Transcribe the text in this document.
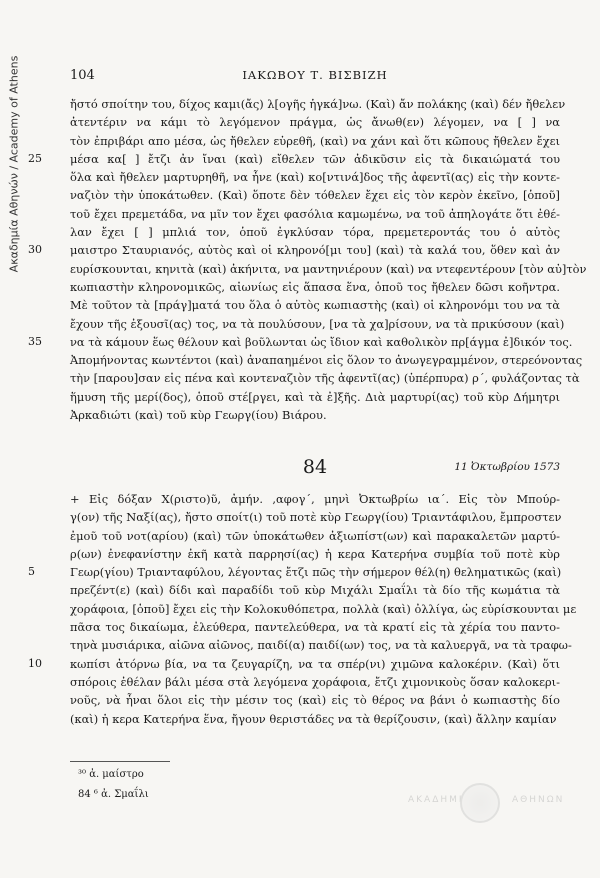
Ακαδημία Αθηνών / Academy of Athens	104	ΙΑΚΩΒΟΥ Τ. ΒΙΣΒΙΖΗ
ἤστό σποίτην του, δίχος καμι(ἄς) λ[ογῆς ἡγκά]νω. (Καὶ) ἄν πολάκης (καὶ) δέν ἤθελεν
ἀτεντέριν να κάμι τὸ λεγόμενον πράγμα, ὡς ἄνωθ(εν) λέγομεν, να [ ] να
τὸν ἐπριβάρι απο μέσα, ὡς ἤθελεν εὑρεθῆ, (καὶ) να χάνι καὶ ὅτι κῶπους ἤθελεν ἔχει
25	μέσα κα[ ] ἔτζι ἀν ἴναι (καὶ) εἴθελεν τῶν ἀδικῦσιν εἰς τὰ δικαιώματά του
ὅλα καὶ ἤθελεν μαρτυρηθῆ, να ἦνε (καὶ) κο[ντινά]δος τῆς ἀφεντῖ(ας) εἰς τὴν κοντε-
ναζιὸν τὴν ὑποκάτωθεν. (Καὶ) ὅποτε δὲν τόθελεν ἔχει εἰς τὸν κερὸν ἐκεῖνο, [ὁποῦ]
τοῦ ἔχει πρεμετάδα, να μῖν τον ἔχει φασόλια καμωμένω, να τοῦ ἀπηλογάτε ὅτι ἐθέ-
λαν ἔχει [ ] μπλιά τον, ὁποῦ ἐγκλύσαν τόρα, πρεμετεροντάς του ὁ αὐτὸς
30	μαιστρο Σταυριανός, αὐτὸς καὶ οἱ κληρονό[μι του] (καὶ) τὰ καλά του, ὅθεν καὶ ἀν
ευρίσκουνται, κηνιτὰ (καὶ) ἀκήνιτα, να μαντηνιέρουν (καὶ) να ντεφεντέρουν [τὸν αὐ]τὸν
κωπιαστὴν κληρονομικῶς, αἰωνίως εἰς ἅπασα ἕνα, ὁποῦ τος ἤθελεν δῶσι κοῆντρα.
Μὲ τοῦτον τὰ [πράγ]ματά του ὅλα ὁ αὐτὸς κωπιαστὴς (καὶ) οἱ κληρονόμι του να τὰ
ἔχουν τῆς ἐξουσῖ(ας) τος, να τὰ πουλύσουν, [να τὰ χα]ρίσουν, να τὰ πρικύσουν (καὶ)
35	να τὰ κάμουν ἕως θέλουν καὶ βοῦλωνται ὡς ἴδιον καὶ καθολικὸν πρ[άγμα ἐ]δικόν τος.
Ἀπομήνοντας κωντέντοι (καὶ) ἀναπαημένοι εἰς ὅλον το ἀνωγεγραμμένον, στερεόνοντας
τὴν [παρου]σαν εἰς πένα καὶ κοντεναζιὸν τῆς ἀφεντῖ(ας) (ὑπέρπυρα) ρ´, φυλάζοντας τὰ
ἥμυση τῆς μερί(δος), ὁποῦ στέ[ργει, καὶ τὰ ἐ]ξῆς. Διὰ μαρτυρί(ας) τοῦ κὺρ Δήμητρι
Ἀρκαδιώτι (καὶ) τοῦ κὺρ Γεωργ(ίου) Βιάρου.
84	11 Ὀκτωβρίου 1573
+ Εἰς δόξαν Χ(ριστο)ῦ, ἀμήν. ,αφογ´, μηνὶ Ὀκτωβρίω ια´. Εἰς τὸν Μπούρ-
γ(ον) τῆς Ναξί(ας), ἤστο σποίτ(ι) τοῦ ποτὲ κὺρ Γεωργ(ίου) Τριαντάφιλου, ἔμπροστεν
ἐμοῦ τοῦ νοτ(αρίου) (καὶ) τῶν ὑποκάτωθεν ἀξιωπίστ(ων) καὶ παρακαλετῶν μαρτύ-
ρ(ων) ἐνεφανίστην ἐκῆ κατὰ παρρησί(ας) ἡ κερα Κατερήνα συμβία τοῦ ποτὲ κὺρ
5	Γεωρ(γίου) Τριανταφύλου, λέγοντας ἔτζι πῶς τὴν σήμερον θέλ(η) θεληματικῶς (καὶ)
πρεζέντ(ε) (καὶ) δίδι καὶ παραδίδι τοῦ κὺρ Μιχάλι Σμαΐλι τὰ δίο τῆς κωμάτια τὰ
χοράφοια, [ὁποῦ] ἔχει εἰς τὴν Κολοκυθόπετρα, πολλὰ (καὶ) ὀλλίγα, ὡς εὑρίσκουνται με
πᾶσα τος δικαίωμα, ἐλεύθερα, παντελεύθερα, να τὰ κρατί εἰς τὰ χέρία του παντο-
τηνὰ μυσιάρικα, αἰῶνα αἰῶνος, παιδί(α) παιδί(ων) τος, να τὰ καλυεργᾶ, να τὰ τραφω-
10	κωπίσι ἀτόρνω βία, να τα ζευγαρίζη, να τα σπέρ(νι) χιμῶνα καλοκέριν. (Καὶ) ὅτι
σπόροις ἐθέλαν βάλι μέσα στὰ λεγόμενα χοράφοια, ἔτζι χιμονικοὺς ὅσαν καλοκερι-
νοῦς, νὰ ἦναι ὅλοι εἰς τὴν μέσιν τος (καὶ) εἰς τὸ θέρος να βάνι ὁ κωπιαστὴς δίο
(καὶ) ἡ κερα Κατερήνα ἕνα, ἤγουν θεριστάδες να τὰ θερίζουσιν, (καὶ) ἄλλην καμίαν
³⁰ ἀ. μαίστρο
84 ⁶ ἀ. Σμαΐλι	ΑΚΑΔΗΜΙΑ	ΑΘΗΝΩΝ
